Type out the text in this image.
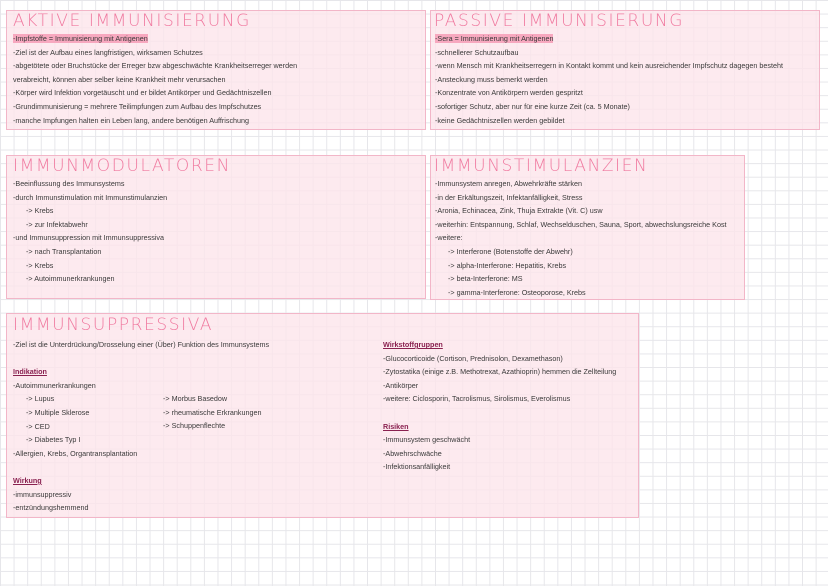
AKTIVE IMMUNISIERUNG
-Impfstoffe = Immunisierung mit Antigenen
-Ziel ist der Aufbau eines langfristigen, wirksamen Schutzes
-abgetötete oder Bruchstücke der Erreger bzw abgeschwächte Krankheitserreger werden
verabreicht, können aber selber keine Krankheit mehr verursachen
-Körper wird Infektion vorgetäuscht und er bildet Antikörper und Gedächtniszellen
-Grundimmunisierung = mehrere Teilimpfungen zum Aufbau des Impfschutzes
-manche Impfungen halten ein Leben lang, andere benötigen Auffrischung
PASSIVE IMMUNISIERUNG
-Sera = Immunisierung mit Antigenen
-schnellerer Schutzaufbau
-wenn Mensch mit Krankheitserregern in Kontakt kommt und kein ausreichender Impfschutz dagegen besteht
-Ansteckung muss bemerkt werden
-Konzentrate von Antikörpern werden gespritzt
-sofortiger Schutz, aber nur für eine kurze Zeit (ca. 5 Monate)
-keine Gedächtniszellen werden gebildet
IMMUNMODULATOREN
-Beeinflussung des Immunsystems
-durch Immunstimulation mit Immunstimulanzien
-> Krebs
-> zur Infektabwehr
-und Immunsuppression mit Immunsuppressiva
-> nach Transplantation
-> Krebs
-> Autoimmunerkrankungen
IMMUNSTIMULANZIEN
-Immunsystem anregen, Abwehrkräfte stärken
-in der Erkältungszeit, Infektanfälligkeit, Stress
-Aronia, Echinacea, Zink, Thuja Extrakte (Vit. C) usw
-weiterhin: Entspannung, Schlaf, Wechselduschen, Sauna, Sport, abwechslungsreiche Kost
-weitere:
-> Interferone (Botenstoffe der Abwehr)
-> alpha-Interferone: Hepatitis, Krebs
-> beta-Interferone: MS
-> gamma-Interferone: Osteoporose, Krebs
IMMUNSUPPRESSIVA
-Ziel ist die Unterdrückung/Drosselung einer (Über) Funktion des Immunsystems
Indikation
-Autoimmunerkrankungen
-> Lupus
-> Multiple Sklerose
-> CED
-> Diabetes Typ I
-Allergien, Krebs, Organtransplantation
Wirkung
-immunsuppressiv
-entzündungshemmend
-> Morbus Basedow
-> rheumatische Erkrankungen
-> Schuppenflechte
Wirkstoffgruppen
-Glucocorticoide (Cortison, Prednisolon, Dexamethason)
-Zytostatika (einige z.B. Methotrexat, Azathioprin) hemmen die Zellteilung
-Antikörper
-weitere: Ciclosporin, Tacrolismus, Sirolismus, Everolismus
Risiken
-Immunsystem geschwächt
-Abwehrschwäche
-Infektionsanfälligkeit
